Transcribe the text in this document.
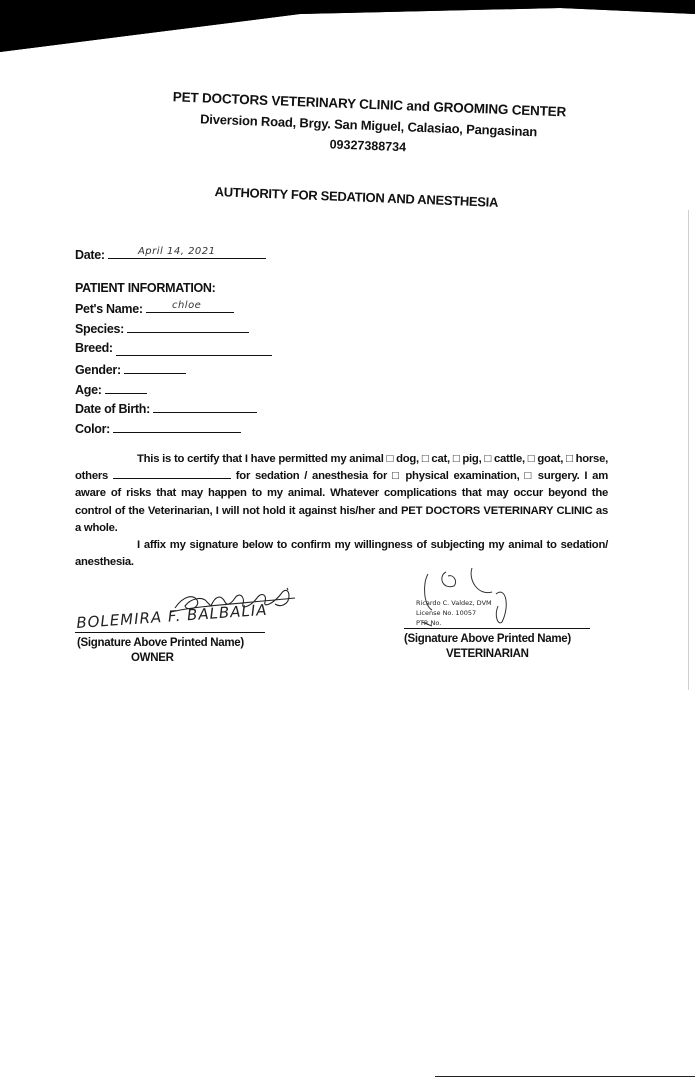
PET DOCTORS VETERINARY CLINIC and GROOMING CENTER
Diversion Road, Brgy. San Miguel, Calasiao, Pangasinan
09327388734
AUTHORITY FOR SEDATION AND ANESTHESIA
Date:	April 14, 2021
PATIENT INFORMATION:
Pet's Name:	chloe
Species:
Breed:
Gender:
Age:
Date of Birth:
Color:

This is to certify that I have permitted my animal □ dog, □ cat, □ pig, □ cattle, □ goat, □ horse, others	for sedation / anesthesia for □ physical examination, □ surgery. I am aware of risks that may happen to my animal. Whatever complications that may occur beyond the control of the Veterinarian, I will not hold it against his/her and PET DOCTORS VETERINARY CLINIC as a whole.

I affix my signature below to confirm my willingness of subjecting my animal to sedation/ anesthesia.

BOLEMIRA F. BALBALIA
(Signature Above Printed Name)
OWNER
Ricardo C. Valdez, DVM
License No. 10057
PTR No.
(Signature Above Printed Name)
VETERINARIAN
